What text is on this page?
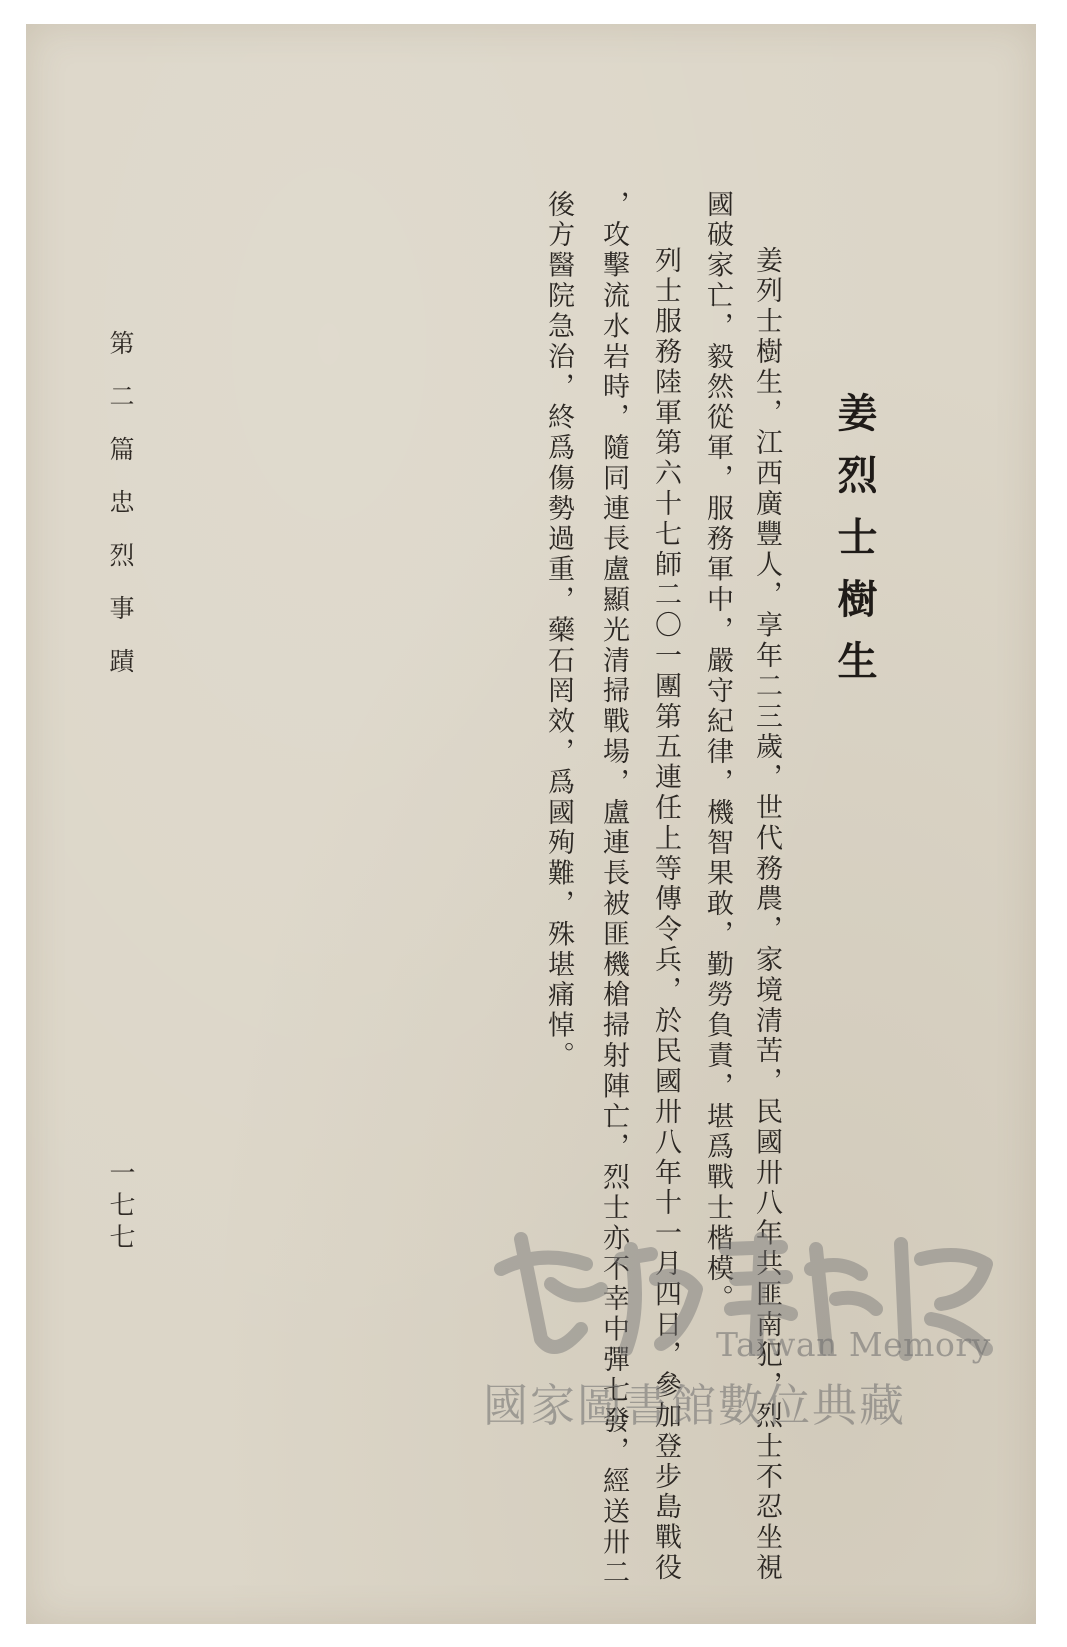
姜烈士樹生
姜列士樹生，江西廣豐人，享年二三歲，世代務農，家境清苦，民國卅八年共匪南犯，烈士不忍坐視
國破家亡，毅然從軍，服務軍中，嚴守紀律，機智果敢，勤勞負責，堪爲戰士楷模。
列士服務陸軍第六十七師二〇一團第五連任上等傳令兵，於民國卅八年十一月四日，參加登步島戰役
，攻擊流水岩時，隨同連長盧顯光清掃戰場，盧連長被匪機槍掃射陣亡，烈士亦不幸中彈七發，經送卅二
後方醫院急治，終爲傷勢過重，藥石罔效，爲國殉難，殊堪痛悼。
第二篇忠烈事蹟
一七七
Taiwan Memory
國家圖書館數位典藏
